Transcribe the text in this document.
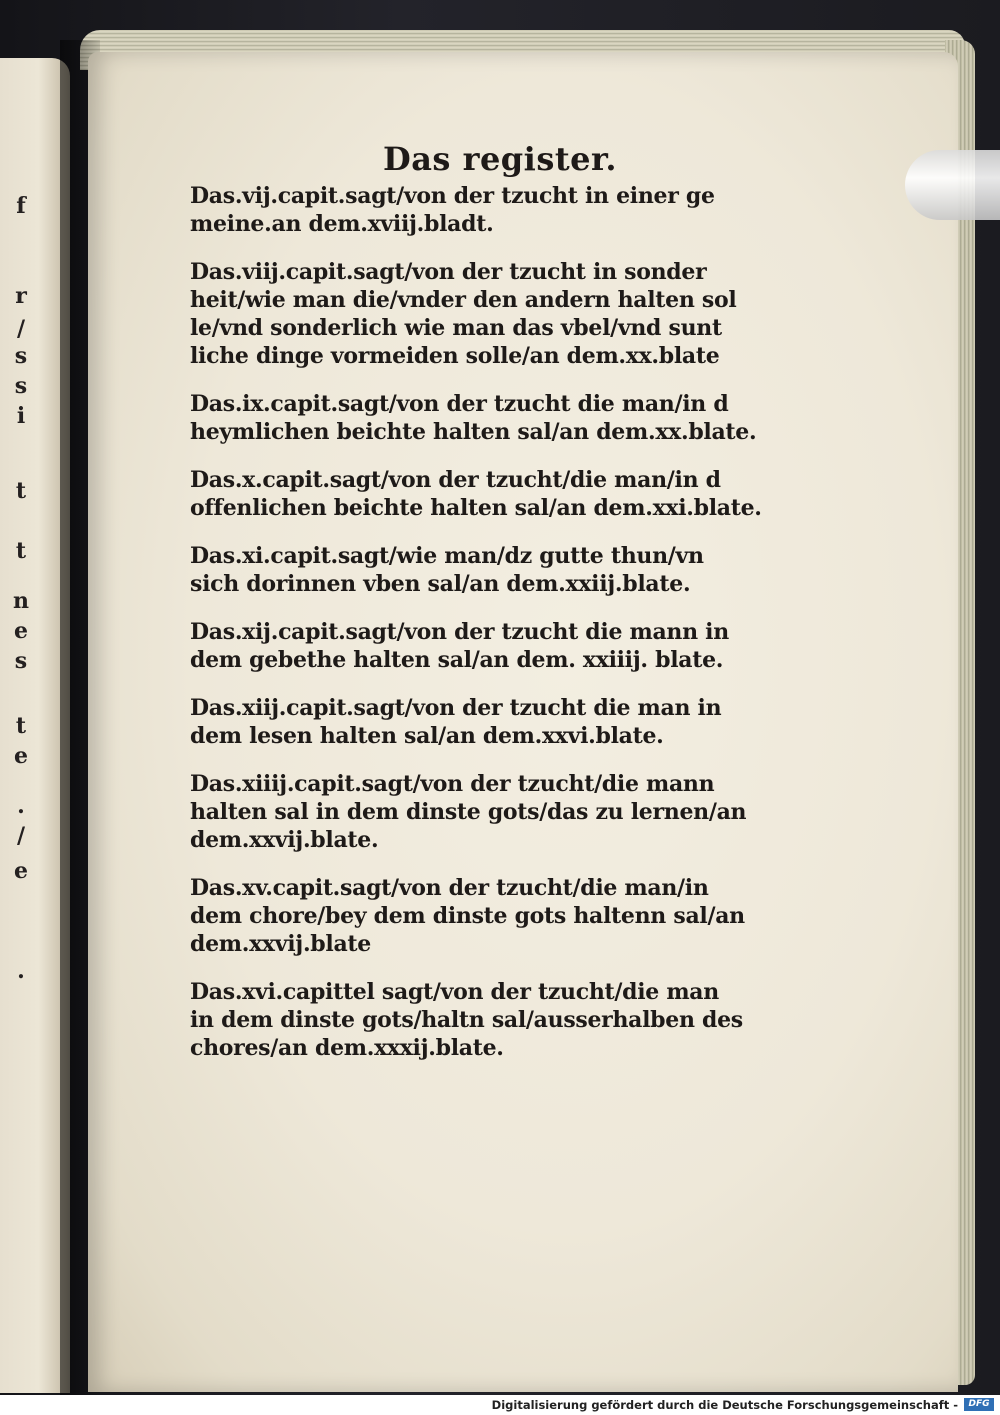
f
r
/
s
s
i
t
t
n
e
s
t
e
.
/
e
.
Das register.
Das.vij.capit.sagt/von der tzucht in einer ge
meine.an dem.xviij.bladt.
Das.viij.capit.sagt/von der tzucht in sonder
heit/wie man die/vnder den andern halten sol
le/vnd sonderlich wie man das vbel/vnd sunt
liche dinge vormeiden solle/an dem.xx.blate
Das.ix.capit.sagt/von der tzucht die man/in d
heymlichen beichte halten sal/an dem.xx.blate.
Das.x.capit.sagt/von der tzucht/die man/in d
offenlichen beichte halten sal/an dem.xxi.blate.
Das.xi.capit.sagt/wie man/dz gutte thun/vn
sich dorinnen vben sal/an dem.xxiij.blate.
Das.xij.capit.sagt/von der tzucht die mann in
dem gebethe halten sal/an dem. xxiiij. blate.
Das.xiij.capit.sagt/von der tzucht die man in
dem lesen halten sal/an dem.xxvi.blate.
Das.xiiij.capit.sagt/von der tzucht/die mann
halten sal in dem dinste gots/das zu lernen/an
dem.xxvij.blate.
Das.xv.capit.sagt/von der tzucht/die man/in
dem chore/bey dem dinste gots haltenn sal/an
dem.xxvij.blate
Das.xvi.capittel sagt/von der tzucht/die man
in dem dinste gots/haltn sal/ausserhalben des
chores/an dem.xxxij.blate.
Digitalisierung gefördert durch die Deutsche Forschungsgemeinschaft -	DFG
